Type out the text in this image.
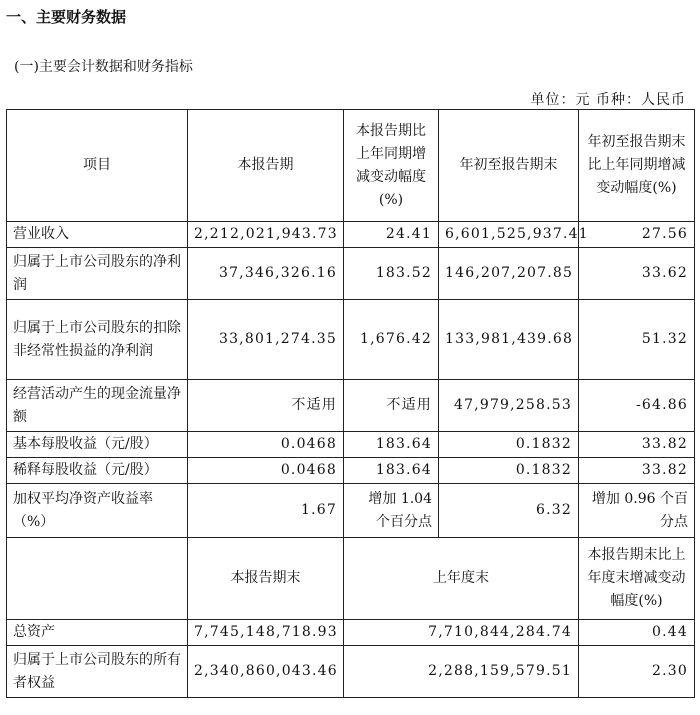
一、主要财务数据
(一)主要会计数据和财务指标
单位：元 币种：人民币
项目	本报告期	本报告期比上年同期增减变动幅度(%)	年初至报告期末	年初至报告期末比上年同期增减变动幅度(%)
营业收入	2,212,021,943.73	24.41	6,601,525,937.41	27.56
归属于上市公司股东的净利润	37,346,326.16	183.52	146,207,207.85	33.62
归属于上市公司股东的扣除非经常性损益的净利润	33,801,274.35	1,676.42	133,981,439.68	51.32
经营活动产生的现金流量净额	不适用	不适用	47,979,258.53	-64.86
基本每股收益（元/股）	0.0468	183.64	0.1832	33.82
稀释每股收益（元/股）	0.0468	183.64	0.1832	33.82
加权平均净资产收益率（%）	1.67	增加 1.04 个百分点	6.32	增加 0.96 个百分点
	本报告期末	上年度末		本报告期末比上年度末增减变动幅度(%)
总资产	7,745,148,718.93	7,710,844,284.74		0.44
归属于上市公司股东的所有者权益	2,340,860,043.46	2,288,159,579.51		2.30
